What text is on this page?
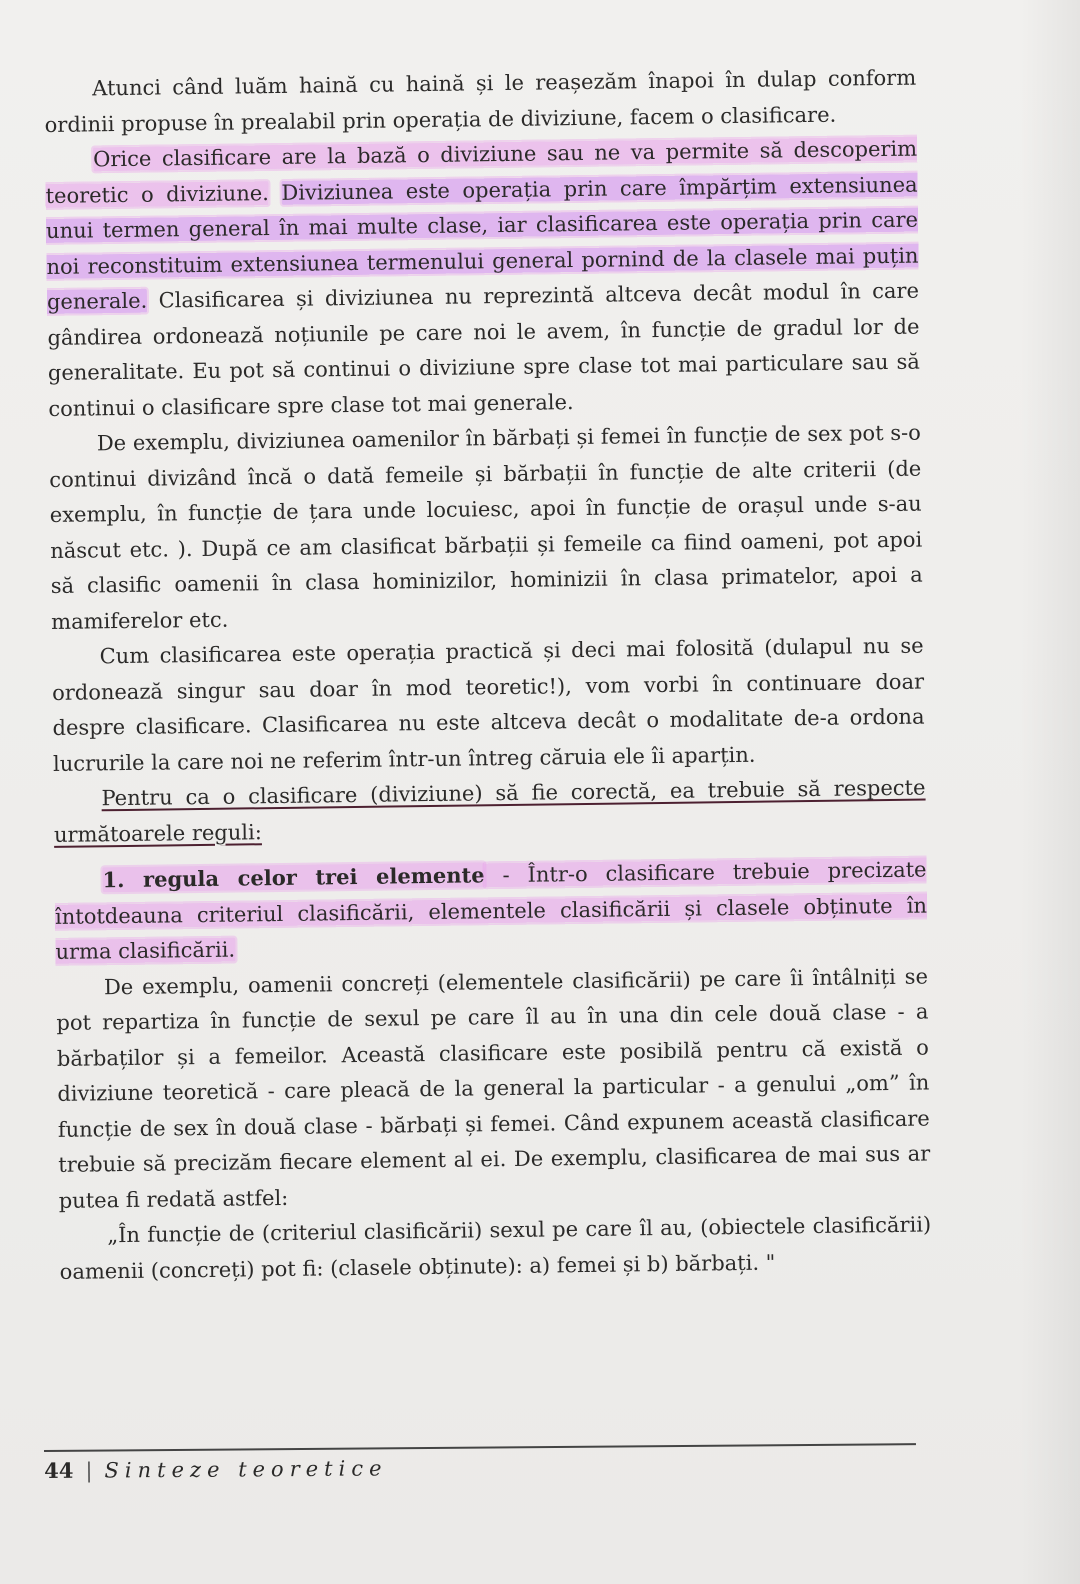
Atunci când luăm haină cu haină și le reașezăm înapoi în dulap conform ordinii propuse în prealabil prin operația de diviziune, facem o clasificare.

Orice clasificare are la bază o diviziune sau ne va permite să descoperim teoretic o diviziune. Diviziunea este operația prin care împărțim extensiunea unui termen general în mai multe clase, iar clasificarea este operația prin care noi reconstituim extensiunea termenului general pornind de la clasele mai puțin generale. Clasificarea și diviziunea nu reprezintă altceva decât modul în care gândirea ordonează noțiunile pe care noi le avem, în funcție de gradul lor de generalitate. Eu pot să continui o diviziune spre clase tot mai particulare sau să continui o clasificare spre clase tot mai generale.

De exemplu, diviziunea oamenilor în bărbați și femei în funcție de sex pot s-o continui divizând încă o dată femeile și bărbații în funcție de alte criterii (de exemplu, în funcție de țara unde locuiesc, apoi în funcție de orașul unde s-au născut etc. ). După ce am clasificat bărbații și femeile ca fiind oameni, pot apoi să clasific oamenii în clasa hominizilor, hominizii în clasa primatelor, apoi a mamiferelor etc.

Cum clasificarea este operația practică și deci mai folosită (dulapul nu se ordonează singur sau doar în mod teoretic!), vom vorbi în continuare doar despre clasificare. Clasificarea nu este altceva decât o modalitate de-a ordona lucrurile la care noi ne referim într-un întreg căruia ele îi aparțin.

Pentru ca o clasificare (diviziune) să fie corectă, ea trebuie să respecte următoarele reguli:

1. regula celor trei elemente - Într-o clasificare trebuie precizate întotdeauna criteriul clasificării, elementele clasificării și clasele obținute în urma clasificării.

De exemplu, oamenii concreți (elementele clasificării) pe care îi întâlniți se pot repartiza în funcție de sexul pe care îl au în una din cele două clase - a bărbaților și a femeilor. Această clasificare este posibilă pentru că există o diviziune teoretică - care pleacă de la general la particular - a genului „om” în funcție de sex în două clase - bărbați și femei. Când expunem această clasificare trebuie să precizăm fiecare element al ei. De exemplu, clasificarea de mai sus ar putea fi redată astfel:

„În funcție de (criteriul clasificării) sexul pe care îl au, (obiectele clasificării) oamenii (concreți) pot fi: (clasele obținute): a) femei și b) bărbați. "

44 | Sinteze teoretice
